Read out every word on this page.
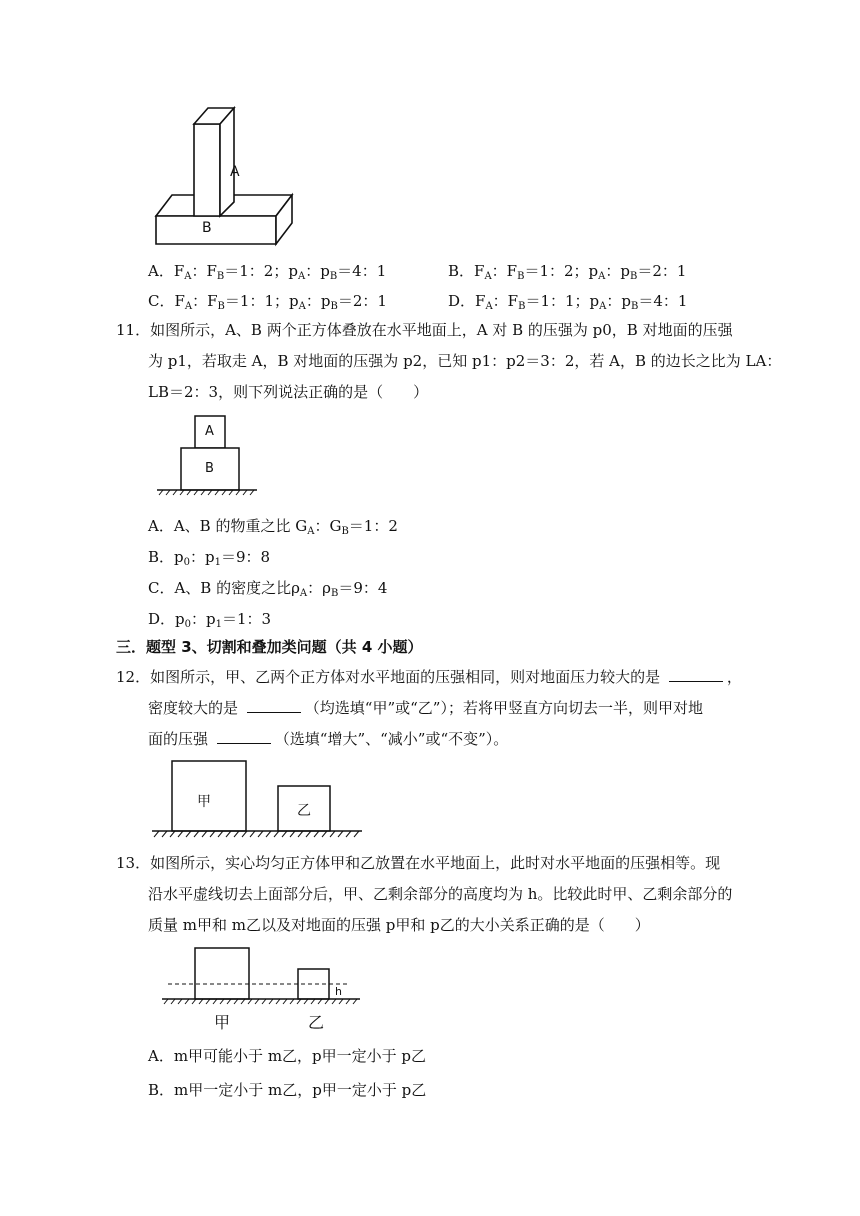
A
B
A．$F_A$：$F_B=1$：2；$p_A$：$p_B=4$：1	B．$F_A$：$F_B=1$：2；$p_A$：$p_B=2$：1
C．$F_A$：$F_B=1$：1；$p_A$：$p_B=2$：1	D．$F_A$：$F_B=1$：1；$p_A$：$p_B=4$：1
11．如图所示，A、B 两个正方体叠放在水平地面上，A 对 B 的压强为 p0，B 对地面的压强
为 p1，若取走 A，B 对地面的压强为 p2，已知 p1：p2＝3：2，若 A，B 的边长之比为 LA：
LB＝2：3，则下列说法正确的是（　　）
A
B
A．A、B 的物重之比 $G_A$：$G_B=1$：2
B．$p_0$：$p_1=9$：8
C．A、B 的密度之比$\rho_A$：$\rho_B=9$：4
D．$p_0$：$p_1=1$：3
三．题型 3、切割和叠加类问题（共 4 小题）
12．如图所示，甲、乙两个正方体对水平地面的压强相同，则对地面压力较大的是	，
密度较大的是	（均选填“甲”或“乙”）；若将甲竖直方向切去一半，则甲对地
面的压强	（选填“增大”、“减小”或“不变”）。
甲
乙
13．如图所示，实心均匀正方体甲和乙放置在水平地面上，此时对水平地面的压强相等。现
沿水平虚线切去上面部分后，甲、乙剩余部分的高度均为 h。比较此时甲、乙剩余部分的
质量 m甲和 m乙以及对地面的压强 p甲和 p乙的大小关系正确的是（　　）
h
甲	乙
A．m甲可能小于 m乙，p甲一定小于 p乙
B．m甲一定小于 m乙，p甲一定小于 p乙
